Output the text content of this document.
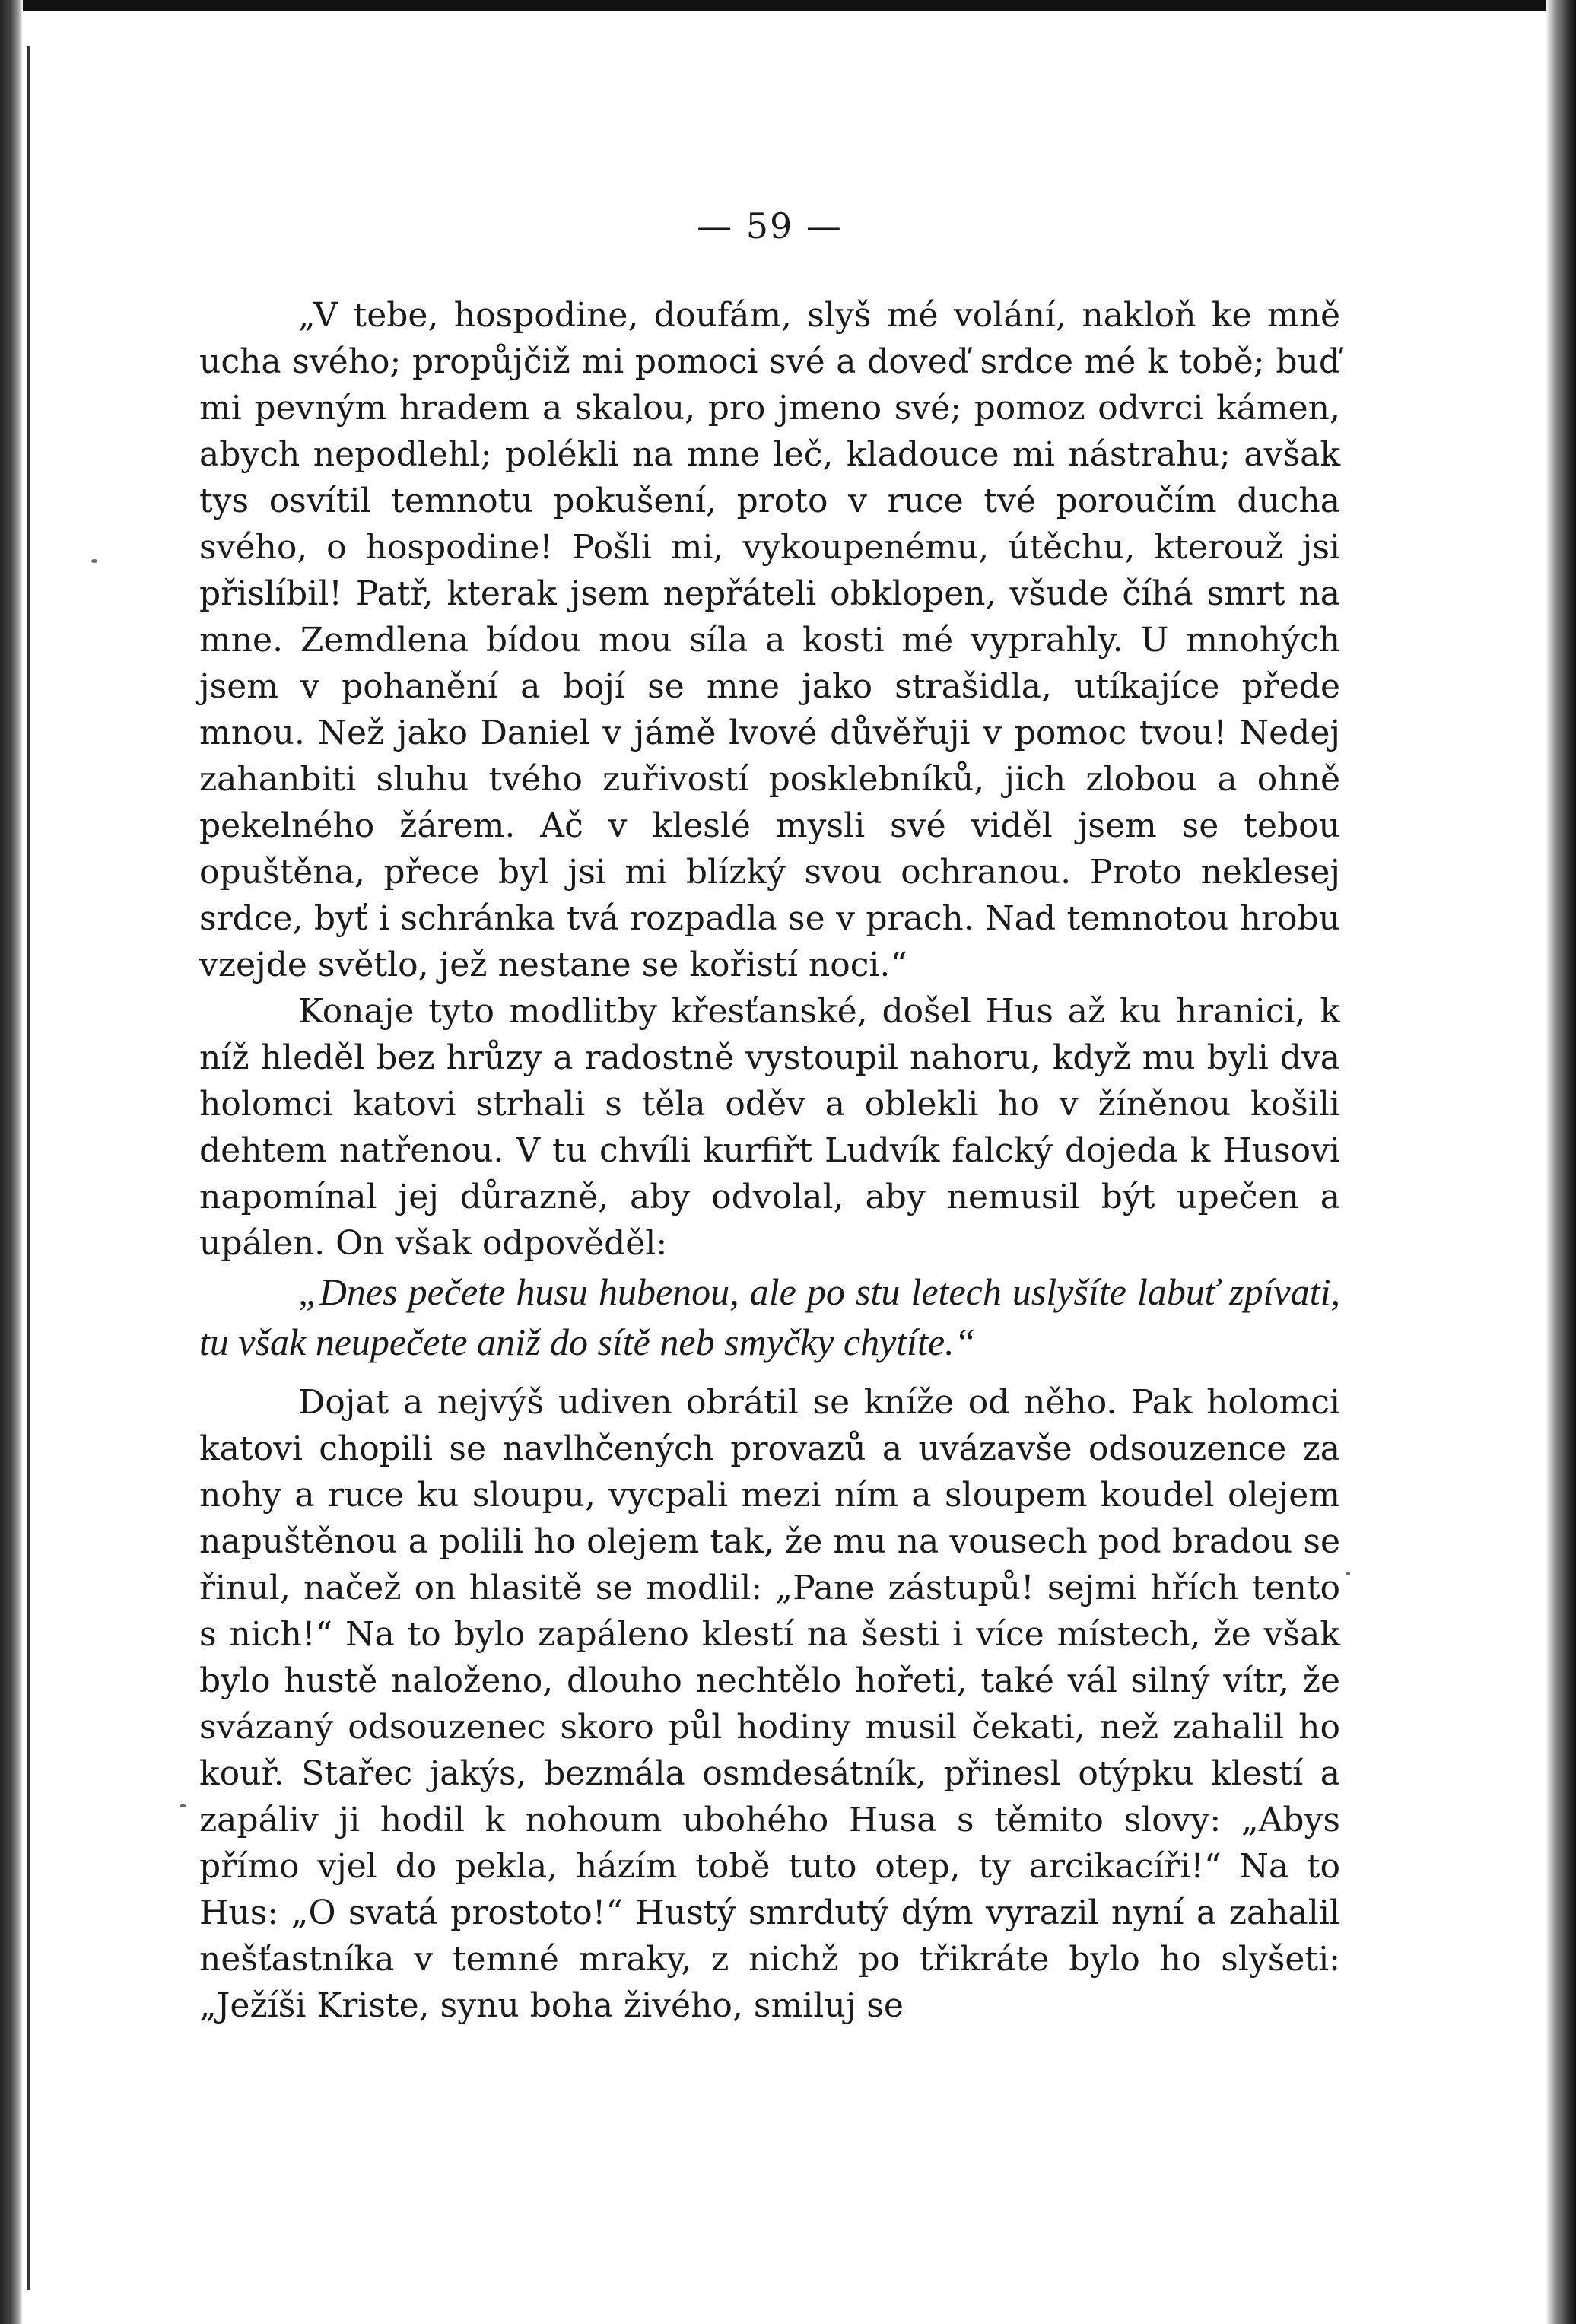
— 59 —

„V tebe, hospodine, doufám, slyš mé volání, nakloň ke mně ucha svého; propůjčiž mi pomoci své a doveď srdce mé k tobě; buď mi pevným hradem a skalou, pro jmeno své; pomoz odvrci kámen, abych nepodlehl; polékli na mne leč, kladouce mi nástrahu; avšak tys osvítil temnotu pokušení, proto v ruce tvé poroučím ducha svého, o hospodine! Pošli mi, vykoupenému, útěchu, kterouž jsi přislíbil! Patř, kterak jsem nepřáteli obklopen, všude číhá smrt na mne. Zemdlena bídou mou síla a kosti mé vyprahly. U mnohých jsem v pohanění a bojí se mne jako strašidla, utíkajíce přede mnou. Než jako Daniel v jámě lvové důvěřuji v pomoc tvou! Nedej zahanbiti sluhu tvého zuřivostí posklebníků, jich zlobou a ohně pekelného žárem. Ač v kleslé mysli své viděl jsem se tebou opuštěna, přece byl jsi mi blízký svou ochranou. Proto neklesej srdce, byť i schránka tvá rozpadla se v prach. Nad temnotou hrobu vzejde světlo, jež nestane se kořistí noci.“

Konaje tyto modlitby křesťanské, došel Hus až ku hranici, k níž hleděl bez hrůzy a radostně vystoupil nahoru, když mu byli dva holomci katovi strhali s těla oděv a oblekli ho v žíněnou košili dehtem natřenou. V tu chvíli kurfiřt Ludvík falcký dojeda k Husovi napomínal jej důrazně, aby odvolal, aby nemusil být upečen a upálen. On však odpověděl:

„Dnes pečete husu hubenou, ale po stu letech uslyšíte labuť zpívati, tu však neupečete aniž do sítě neb smyčky chytíte.“

Dojat a nejvýš udiven obrátil se kníže od něho. Pak holomci katovi chopili se navlhčených provazů a uvázavše odsouzence za nohy a ruce ku sloupu, vycpali mezi ním a sloupem koudel olejem napuštěnou a polili ho olejem tak, že mu na vousech pod bradou se řinul, načež on hlasitě se modlil: „Pane zástupů! sejmi hřích tento s nich!“ Na to bylo zapáleno klestí na šesti i více místech, že však bylo hustě naloženo, dlouho nechtělo hořeti, také vál silný vítr, že svázaný odsouzenec skoro půl hodiny musil čekati, než zahalil ho kouř. Stařec jakýs, bezmála osmdesátník, přinesl otýpku klestí a zapáliv ji hodil k nohoum ubohého Husa s těmito slovy: „Abys přímo vjel do pekla, házím tobě tuto otep, ty arcikacíři!“ Na to Hus: „O svatá prostoto!“ Hustý smrdutý dým vyrazil nyní a zahalil nešťastníka v temné mraky, z nichž po třikráte bylo ho slyšeti: „Ježíši Kriste, synu boha živého, smiluj se
